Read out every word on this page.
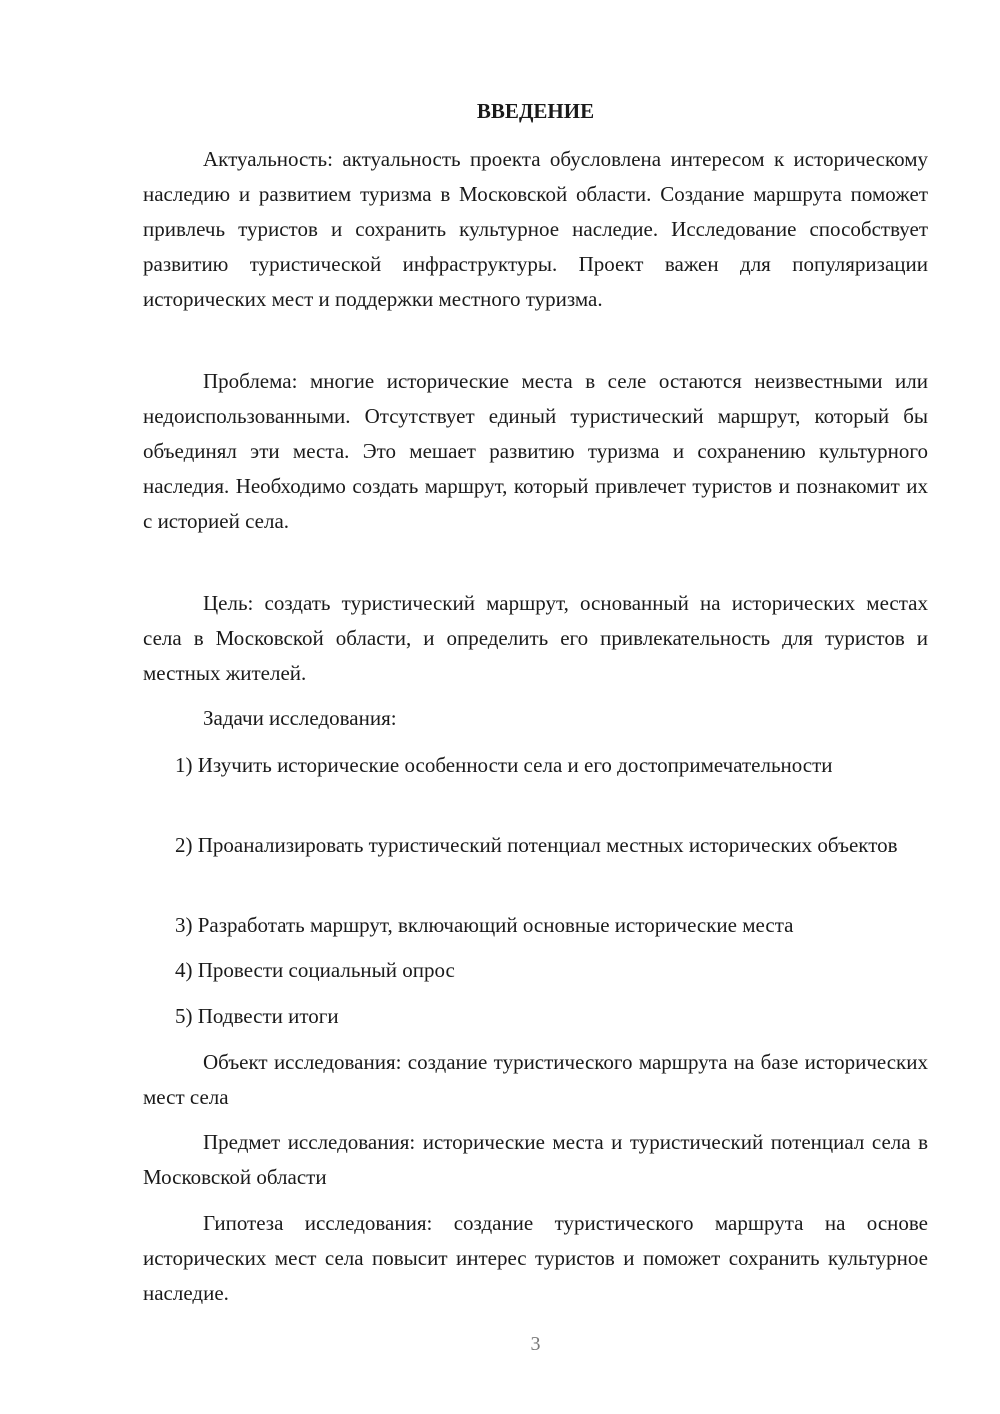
ВВЕДЕНИЕ

Актуальность: актуальность проекта обусловлена интересом к историческому наследию и развитием туризма в Московской области. Создание маршрута поможет привлечь туристов и сохранить культурное наследие. Исследование способствует развитию туристической инфраструктуры. Проект важен для популяризации исторических мест и поддержки местного туризма.

Проблема: многие исторические места в селе остаются неизвестными или недоиспользованными. Отсутствует единый туристический маршрут, который бы объединял эти места. Это мешает развитию туризма и сохранению культурного наследия. Необходимо создать маршрут, который привлечет туристов и познакомит их с историей села.

Цель: создать туристический маршрут, основанный на исторических местах села в Московской области, и определить его привлекательность для туристов и местных жителей.

Задачи исследования:

1) Изучить исторические особенности села и его достопримечательности

2) Проанализировать туристический потенциал местных исторических объектов

3) Разработать маршрут, включающий основные исторические места

4) Провести социальный опрос

5) Подвести итоги

Объект исследования: создание туристического маршрута на базе исторических мест села

Предмет исследования: исторические места и туристический потенциал села в Московской области

Гипотеза исследования: создание туристического маршрута на основе исторических мест села повысит интерес туристов и поможет сохранить культурное наследие.

3
